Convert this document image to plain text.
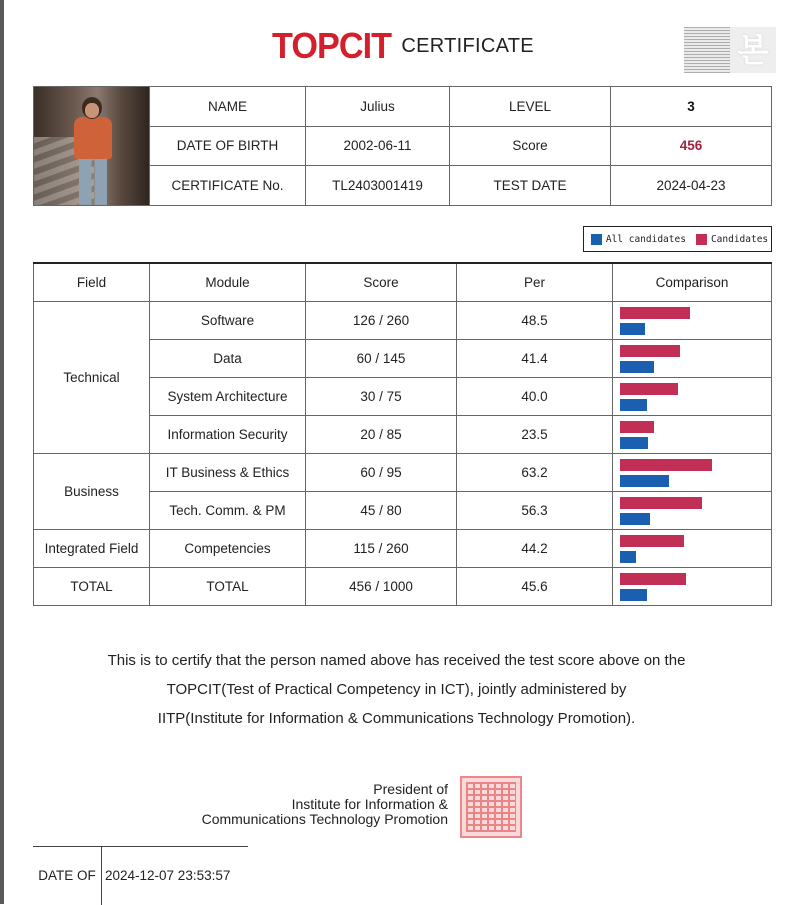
TOPCIT CERTIFICATE	본
	NAME	Julius	LEVEL	3
	DATE OF BIRTH	2002-06-11	Score	456
	CERTIFICATE No.	TL2403001419	TEST DATE	2024-04-23
All candidates	Candidates
Field	Module	Score	Per	Comparison
Technical	Software	126 / 260	48.5	

	Data	60 / 145	41.4	

	System Architecture	30 / 75	40.0	

	Information Security	20 / 85	23.5	

Business	IT Business & Ethics	60 / 95	63.2	

	Tech. Comm. & PM	45 / 80	56.3	

Integrated Field	Competencies	115 / 260	44.2	

TOTAL	TOTAL	456 / 1000	45.6	
This is to certify that the person named above has received the test score above on the
TOPCIT(Test of Practical Competency in ICT), jointly administered by
IITP(Institute for Information & Communications Technology Promotion).
President of
Institute for Information &
Communications Technology Promotion
DATE OF 2024-12-07 23:53:57
